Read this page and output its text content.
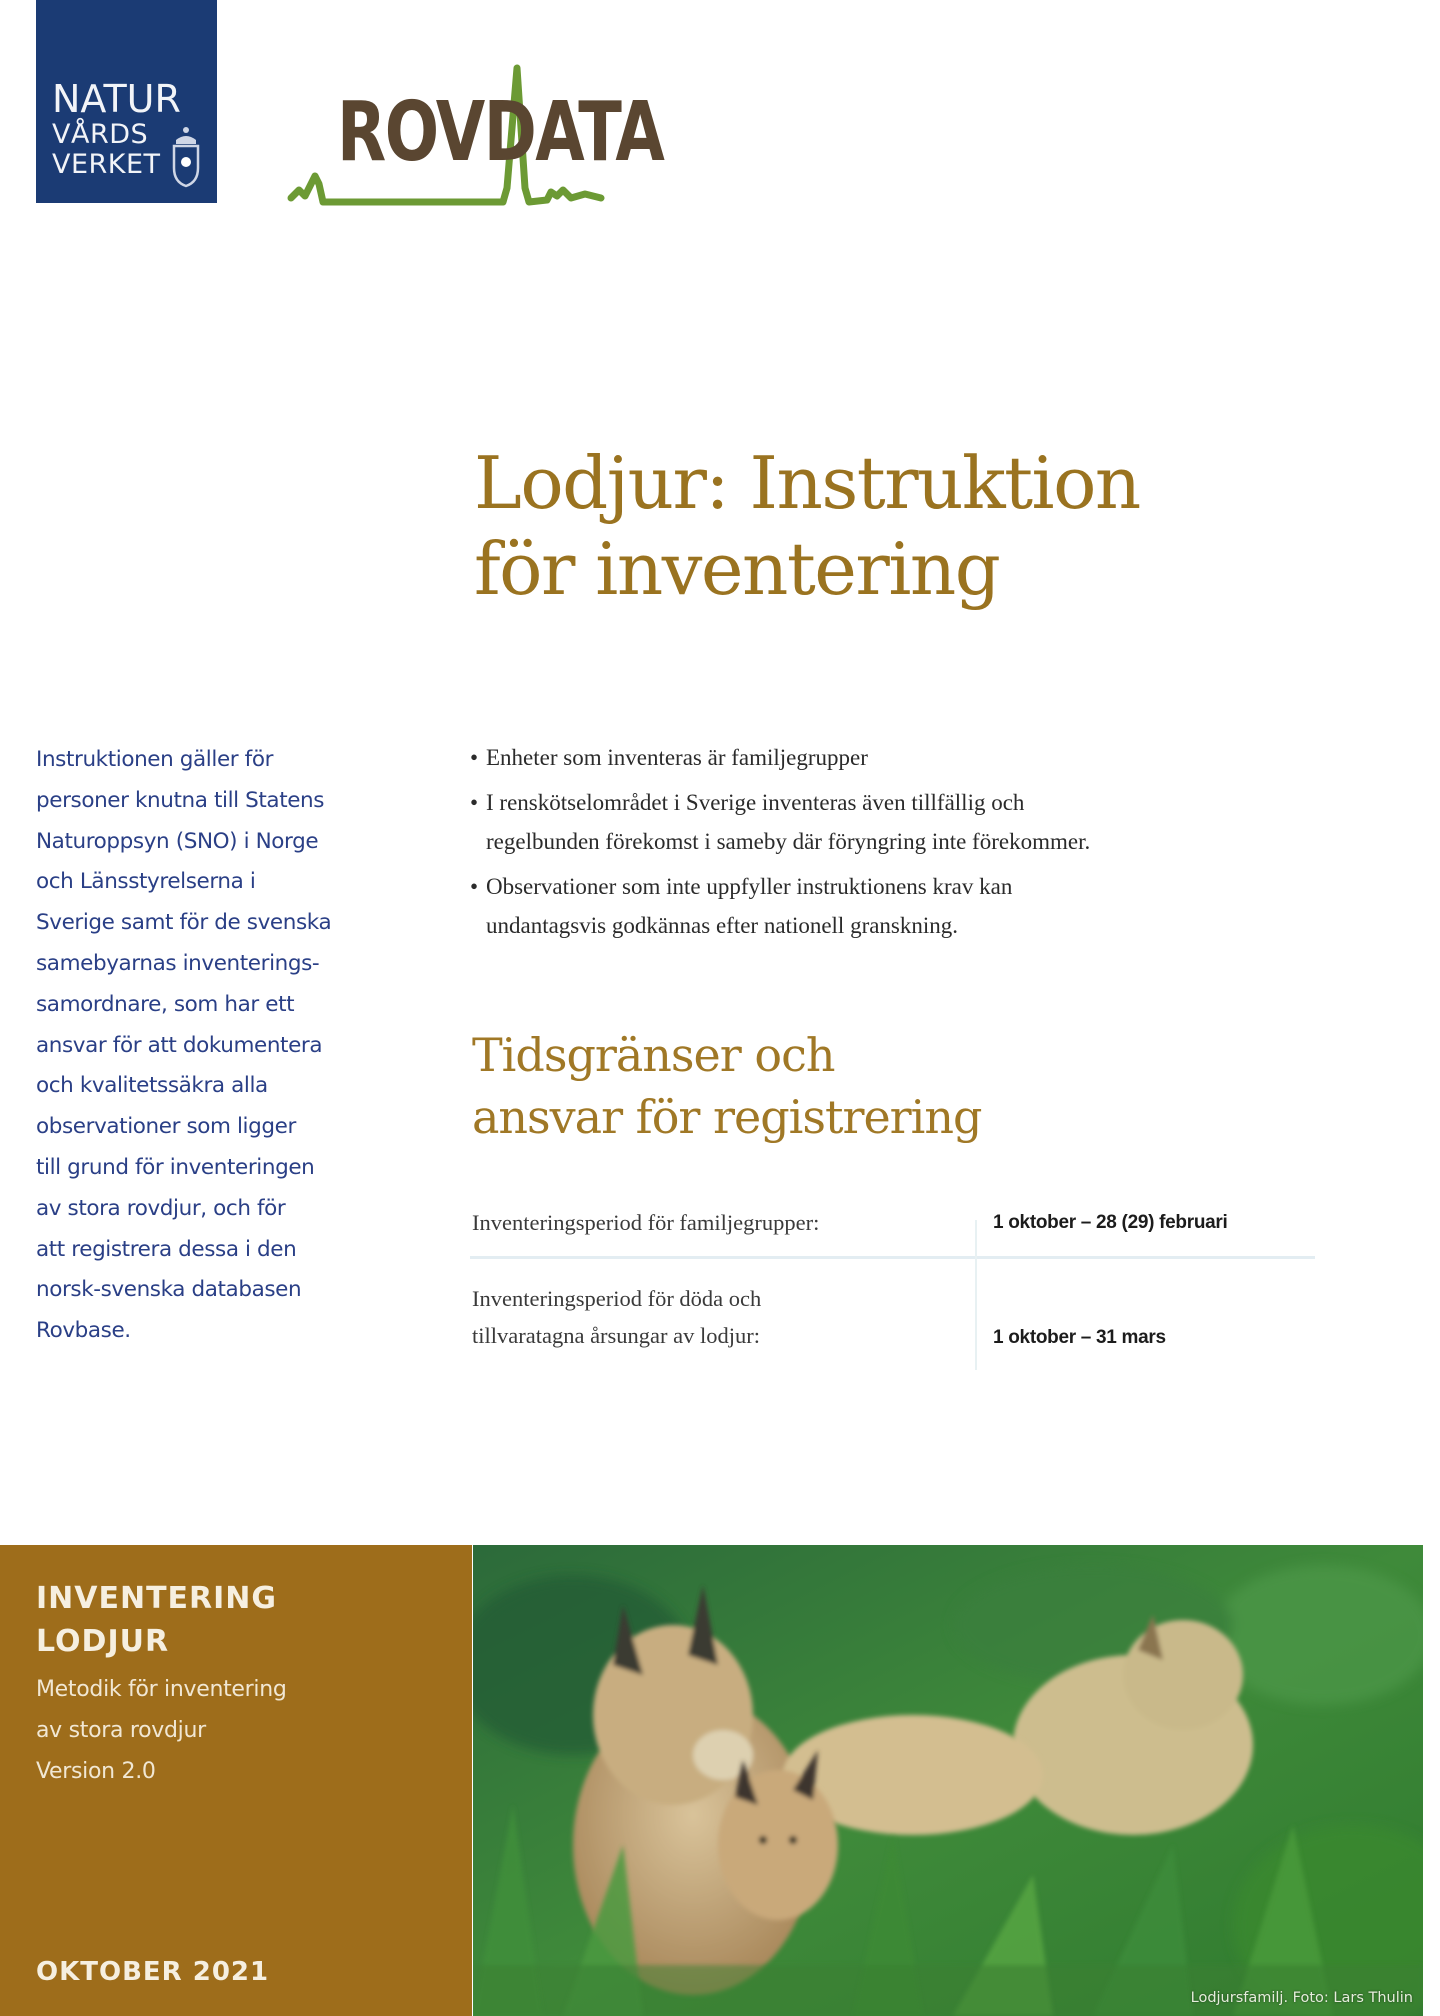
NATUR
VÅRDS
VERKET	ROVDATA
Lodjur: Instruktion
för inventering
Instruktionen gäller för
personer knutna till Statens
Naturoppsyn (SNO) i Norge
och Länsstyrelserna i
Sverige samt för de svenska
samebyarnas inventerings-
samordnare, som har ett
ansvar för att dokumentera
och kvalitetssäkra alla
observationer som ligger
till grund för inventeringen
av stora rovdjur, och för
att registrera dessa i den
norsk-svenska databasen
Rovbase.
• Enheter som inventeras är familjegrupper
• I renskötselområdet i Sverige inventeras även tillfällig och
regelbunden förekomst i sameby där föryngring inte förekommer.
• Observationer som inte uppfyller instruktionens krav kan
undantagsvis godkännas efter nationell granskning.
Tidsgränser och
ansvar för registrering
Inventeringsperiod för familjegrupper:	1 oktober – 28 (29) februari
Inventeringsperiod för döda och
tillvaratagna årsungar av lodjur:	1 oktober – 31 mars
INVENTERING
LODJUR
Metodik för inventering
av stora rovdjur
Version 2.0
OKTOBER 2021
Lodjursfamilj. Foto: Lars Thulin
